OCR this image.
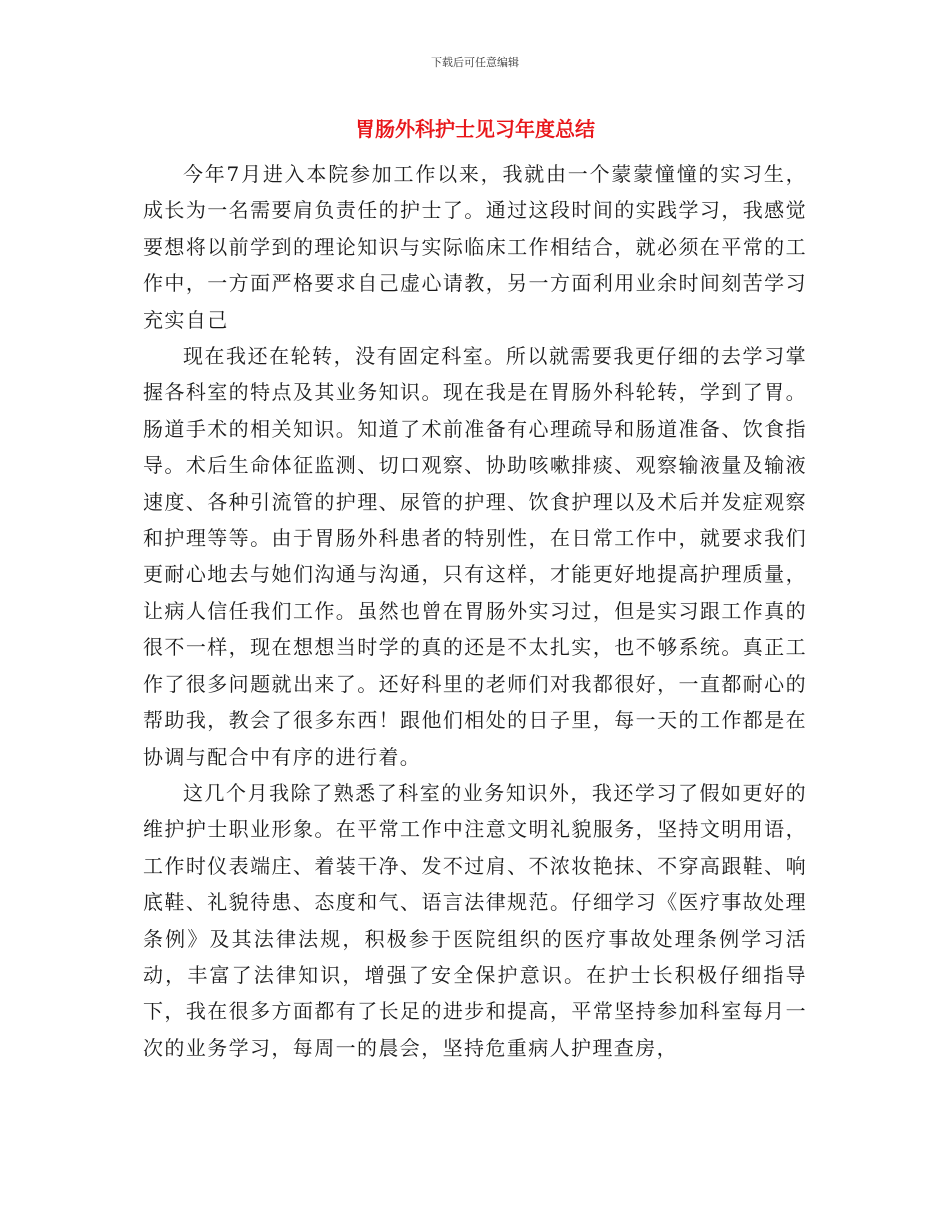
下载后可任意编辑
胃肠外科护士见习年度总结

今年7月进入本院参加工作以来，我就由一个蒙蒙憧憧的实习生，成长为一名需要肩负责任的护士了。通过这段时间的实践学习，我感觉要想将以前学到的理论知识与实际临床工作相结合，就必须在平常的工作中，一方面严格要求自己虚心请教，另一方面利用业余时间刻苦学习充实自己

现在我还在轮转，没有固定科室。所以就需要我更仔细的去学习掌握各科室的特点及其业务知识。现在我是在胃肠外科轮转，学到了胃。肠道手术的相关知识。知道了术前准备有心理疏导和肠道准备、饮食指导。术后生命体征监测、切口观察、协助咳嗽排痰、观察输液量及输液速度、各种引流管的护理、尿管的护理、饮食护理以及术后并发症观察和护理等等。由于胃肠外科患者的特别性，在日常工作中，就要求我们更耐心地去与她们沟通与沟通，只有这样，才能更好地提高护理质量，让病人信任我们工作。虽然也曾在胃肠外实习过，但是实习跟工作真的很不一样，现在想想当时学的真的还是不太扎实，也不够系统。真正工作了很多问题就出来了。还好科里的老师们对我都很好，一直都耐心的帮助我，教会了很多东西！跟他们相处的日子里，每一天的工作都是在协调与配合中有序的进行着。

这几个月我除了熟悉了科室的业务知识外，我还学习了假如更好的维护护士职业形象。在平常工作中注意文明礼貌服务，坚持文明用语，工作时仪表端庄、着装干净、发不过肩、不浓妆艳抹、不穿高跟鞋、响底鞋、礼貌待患、态度和气、语言法律规范。仔细学习《医疗事故处理条例》及其法律法规，积极参于医院组织的医疗事故处理条例学习活动，丰富了法律知识，增强了安全保护意识。在护士长积极仔细指导下，我在很多方面都有了长足的进步和提高，平常坚持参加科室每月一次的业务学习，每周一的晨会，坚持危重病人护理查房，
